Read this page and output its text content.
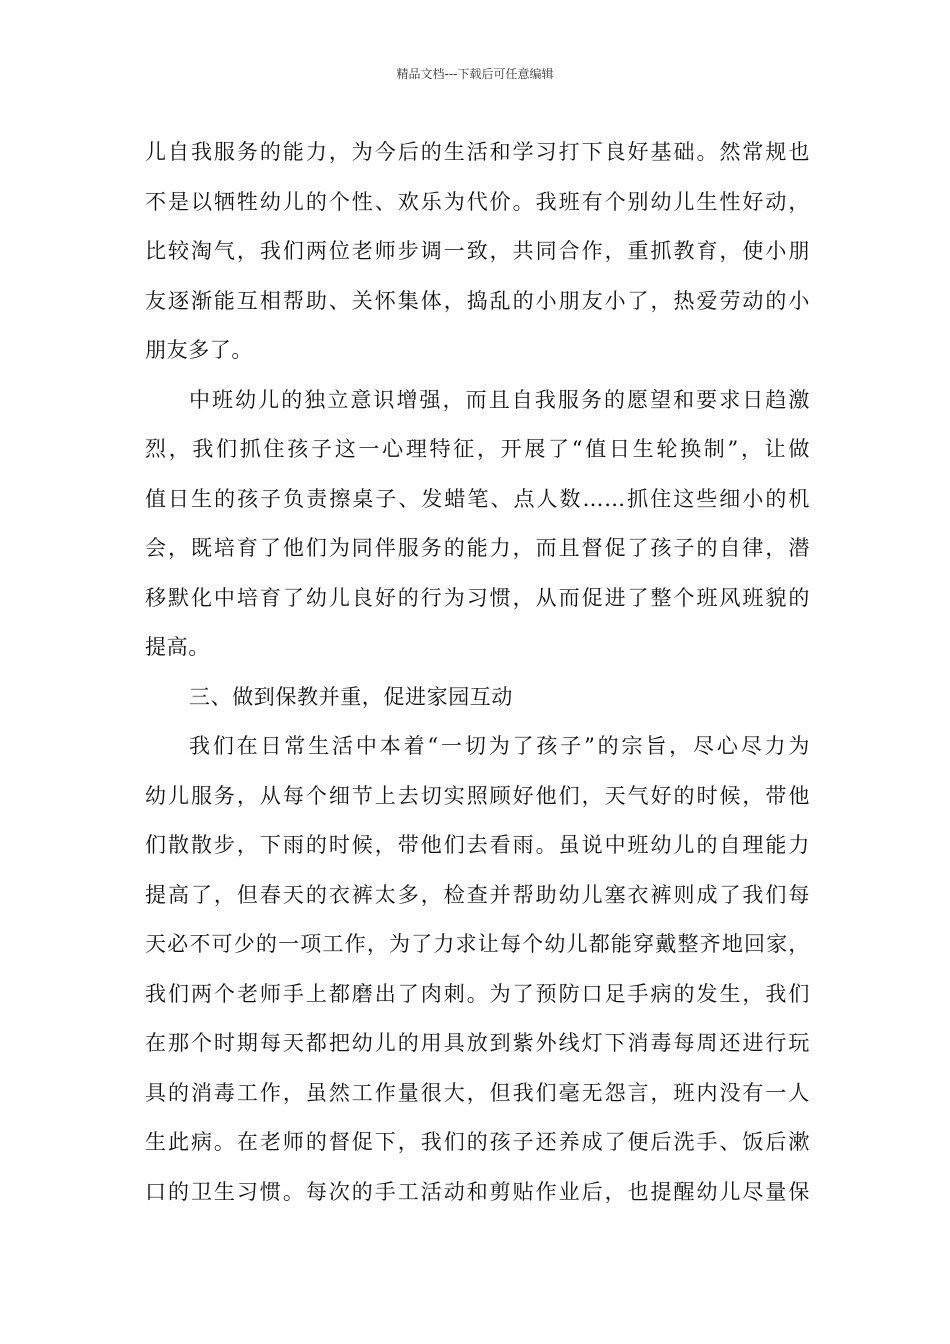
精品文档---下载后可任意编辑
儿自我服务的能力，为今后的生活和学习打下良好基础。然常规也
不是以牺牲幼儿的个性、欢乐为代价。我班有个别幼儿生性好动，
比较淘气，我们两位老师步调一致，共同合作，重抓教育，使小朋
友逐渐能互相帮助、关怀集体，捣乱的小朋友小了，热爱劳动的小
朋友多了。
中班幼儿的独立意识增强，而且自我服务的愿望和要求日趋激
烈，我们抓住孩子这一心理特征，开展了“值日生轮换制”，让做
值日生的孩子负责擦桌子、发蜡笔、点人数……抓住这些细小的机
会，既培育了他们为同伴服务的能力，而且督促了孩子的自律，潜
移默化中培育了幼儿良好的行为习惯，从而促进了整个班风班貌的
提高。
三、做到保教并重，促进家园互动
我们在日常生活中本着“一切为了孩子”的宗旨，尽心尽力为
幼儿服务，从每个细节上去切实照顾好他们，天气好的时候，带他
们散散步，下雨的时候，带他们去看雨。虽说中班幼儿的自理能力
提高了，但春天的衣裤太多，检查并帮助幼儿塞衣裤则成了我们每
天必不可少的一项工作，为了力求让每个幼儿都能穿戴整齐地回家，
我们两个老师手上都磨出了肉刺。为了预防口足手病的发生，我们
在那个时期每天都把幼儿的用具放到紫外线灯下消毒每周还进行玩
具的消毒工作，虽然工作量很大，但我们毫无怨言，班内没有一人
生此病。在老师的督促下，我们的孩子还养成了便后洗手、饭后漱
口的卫生习惯。每次的手工活动和剪贴作业后，也提醒幼儿尽量保
